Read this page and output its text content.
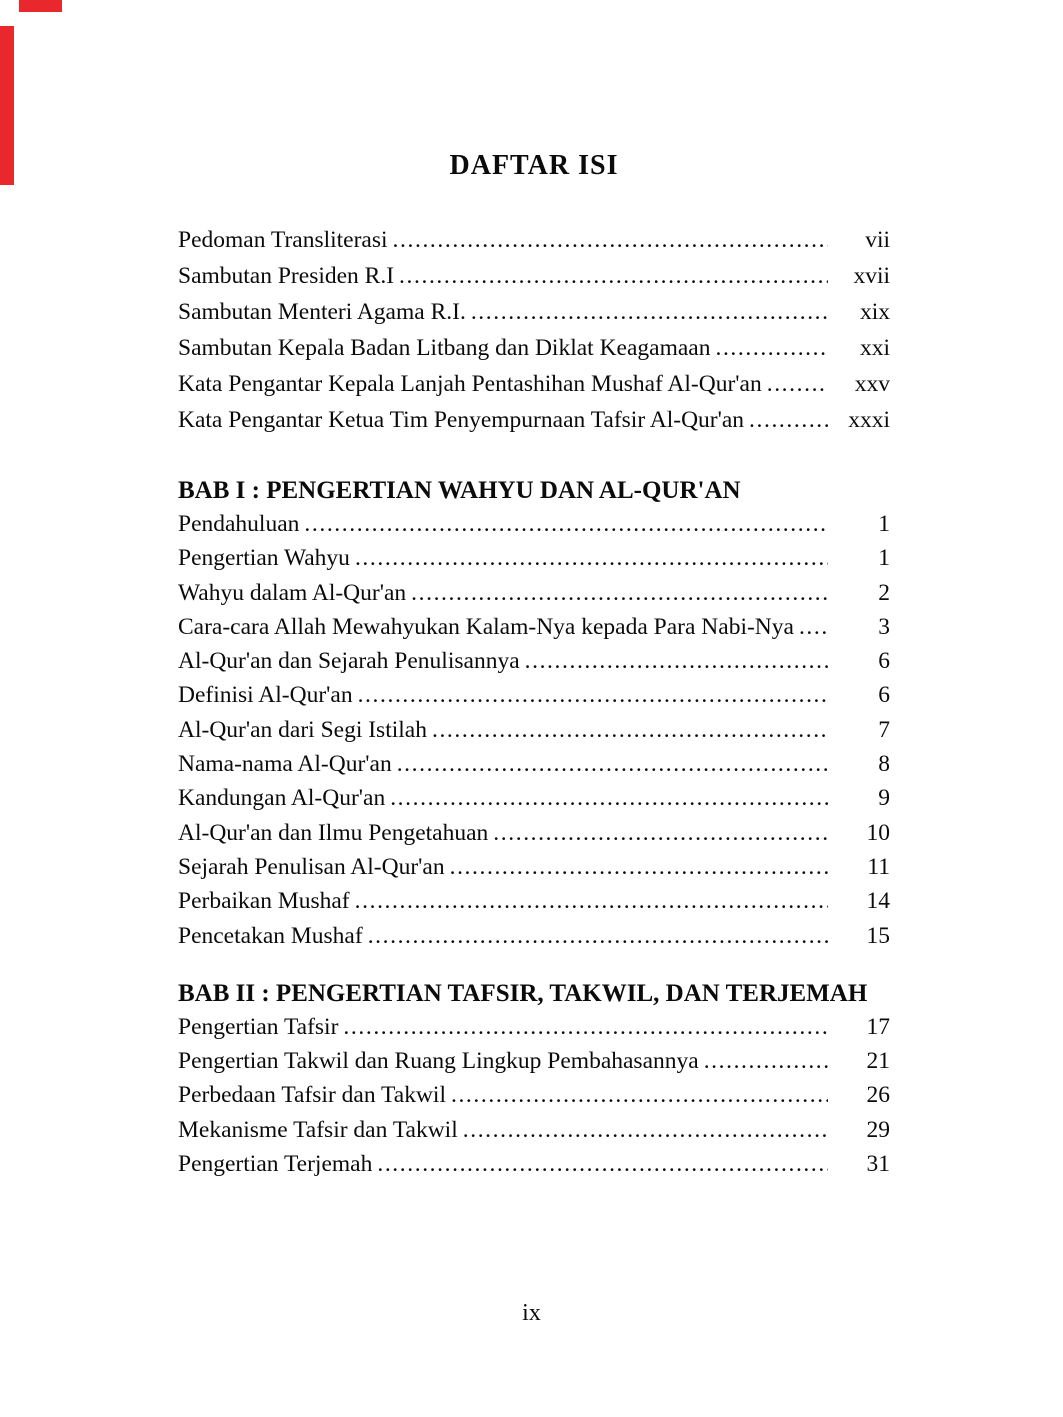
DAFTAR ISI
Pedoman Transliterasi .....	vii
Sambutan Presiden R.I .....	xvii
Sambutan Menteri Agama R.I. .....	xix
Sambutan Kepala Badan Litbang dan Diklat Keagamaan .....	xxi
Kata Pengantar Kepala Lanjah Pentashihan Mushaf Al-Qur'an .....	xxv
Kata Pengantar Ketua Tim Penyempurnaan Tafsir Al-Qur'an .....	xxxi
BAB I : PENGERTIAN WAHYU DAN AL-QUR'AN
Pendahuluan .....	1
Pengertian Wahyu .....	1
Wahyu dalam Al-Qur'an .....	2
Cara-cara Allah Mewahyukan Kalam-Nya kepada Para Nabi-Nya .....	3
Al-Qur'an dan Sejarah Penulisannya .....	6
Definisi Al-Qur'an .....	6
Al-Qur'an dari Segi Istilah .....	7
Nama-nama Al-Qur'an .....	8
Kandungan Al-Qur'an .....	9
Al-Qur'an dan Ilmu Pengetahuan .....	10
Sejarah Penulisan Al-Qur'an .....	11
Perbaikan Mushaf .....	14
Pencetakan Mushaf .....	15
BAB II : PENGERTIAN TAFSIR, TAKWIL, DAN TERJEMAH
Pengertian Tafsir .....	17
Pengertian Takwil dan Ruang Lingkup Pembahasannya .....	21
Perbedaan Tafsir dan Takwil .....	26
Mekanisme Tafsir dan Takwil .....	29
Pengertian Terjemah .....	31
ix
